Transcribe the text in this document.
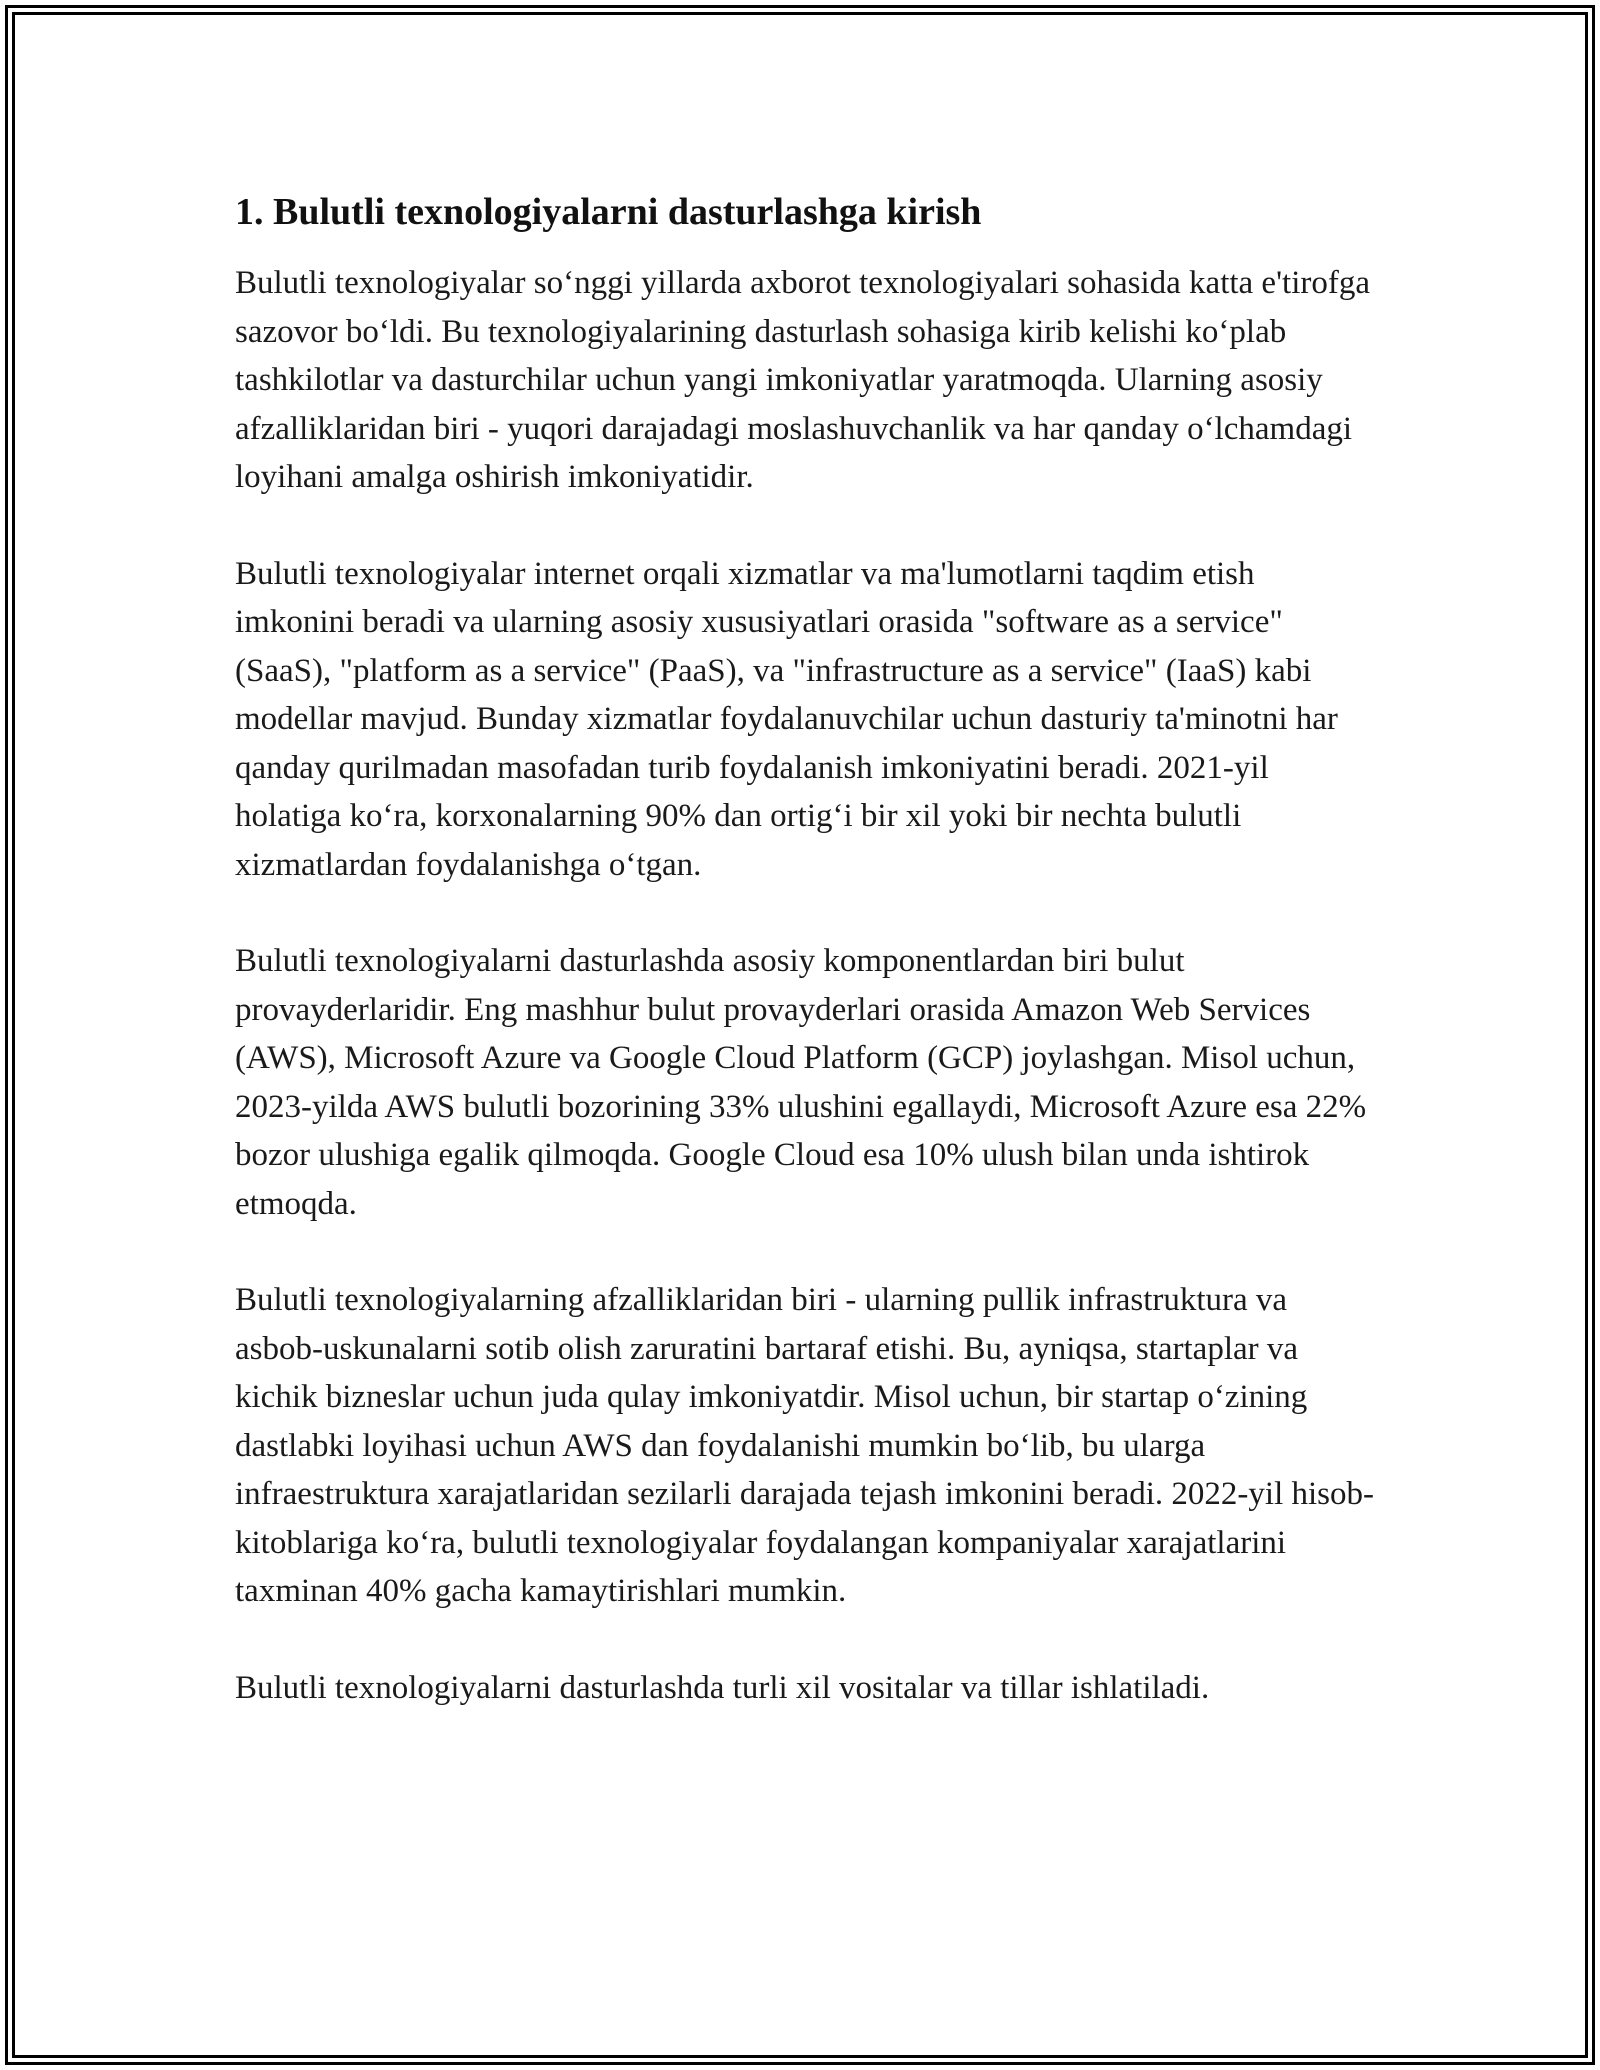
1. Bulutli texnologiyalarni dasturlashga kirish

Bulutli texnologiyalar so‘nggi yillarda axborot texnologiyalari sohasida katta e'tirofga sazovor bo‘ldi. Bu texnologiyalarining dasturlash sohasiga kirib kelishi ko‘plab tashkilotlar va dasturchilar uchun yangi imkoniyatlar yaratmoqda. Ularning asosiy afzalliklaridan biri - yuqori darajadagi moslashuvchanlik va har qanday o‘lchamdagi loyihani amalga oshirish imkoniyatidir.

Bulutli texnologiyalar internet orqali xizmatlar va ma'lumotlarni taqdim etish imkonini beradi va ularning asosiy xususiyatlari orasida "software as a service" (SaaS), "platform as a service" (PaaS), va "infrastructure as a service" (IaaS) kabi modellar mavjud. Bunday xizmatlar foydalanuvchilar uchun dasturiy ta'minotni har qanday qurilmadan masofadan turib foydalanish imkoniyatini beradi. 2021-yil holatiga ko‘ra, korxonalarning 90% dan ortig‘i bir xil yoki bir nechta bulutli xizmatlardan foydalanishga o‘tgan.

Bulutli texnologiyalarni dasturlashda asosiy komponentlardan biri bulut provayderlaridir. Eng mashhur bulut provayderlari orasida Amazon Web Services (AWS), Microsoft Azure va Google Cloud Platform (GCP) joylashgan. Misol uchun, 2023-yilda AWS bulutli bozorining 33% ulushini egallaydi, Microsoft Azure esa 22% bozor ulushiga egalik qilmoqda. Google Cloud esa 10% ulush bilan unda ishtirok etmoqda.

Bulutli texnologiyalarning afzalliklaridan biri - ularning pullik infrastruktura va asbob-uskunalarni sotib olish zaruratini bartaraf etishi. Bu, ayniqsa, startaplar va kichik bizneslar uchun juda qulay imkoniyatdir. Misol uchun, bir startap o‘zining dastlabki loyihasi uchun AWS dan foydalanishi mumkin bo‘lib, bu ularga infraestruktura xarajatlaridan sezilarli darajada tejash imkonini beradi. 2022-yil hisob-kitoblariga ko‘ra, bulutli texnologiyalar foydalangan kompaniyalar xarajatlarini taxminan 40% gacha kamaytirishlari mumkin.

Bulutli texnologiyalarni dasturlashda turli xil vositalar va tillar ishlatiladi.
